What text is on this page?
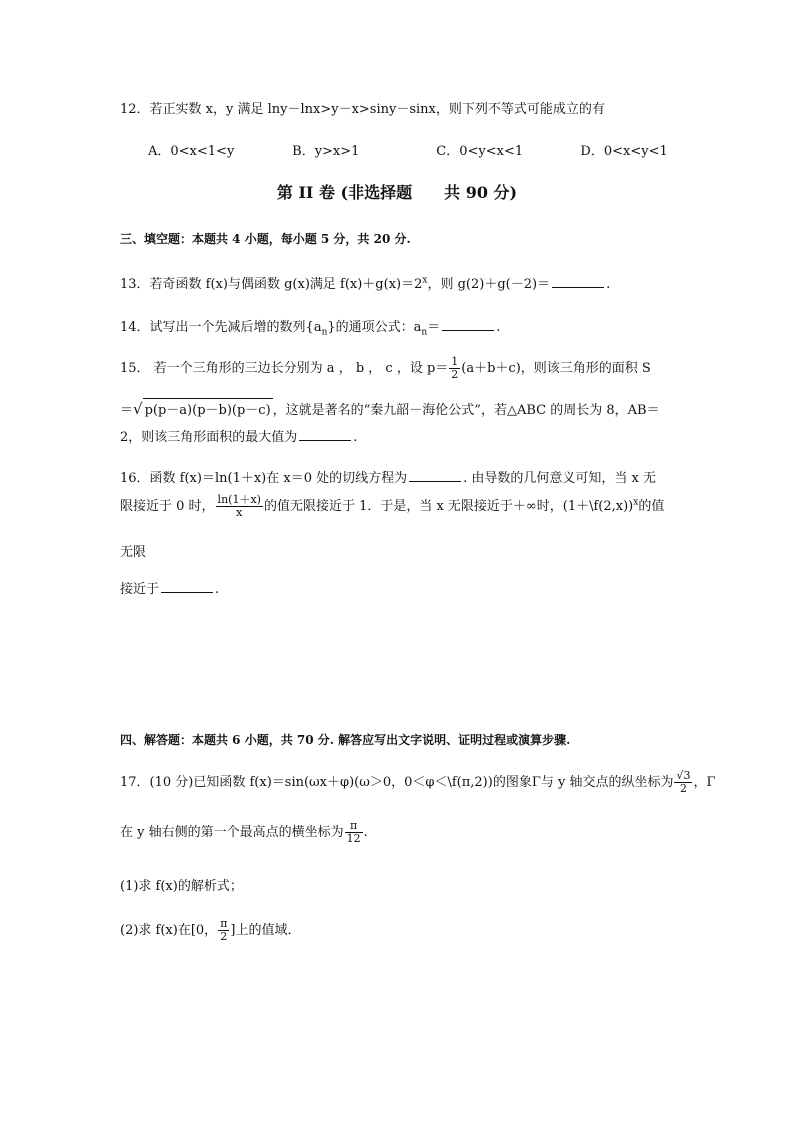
12．若正实数 x，y 满足 lny－lnx>y－x>siny－sinx，则下列不等式可能成立的有
A．0<x<1<y	B．y>x>1	C．0<y<x<1	D．0<x<y<1
第 II 卷 (非选择题　　共 90 分)
三、填空题：本题共 4 小题，每小题 5 分，共 20 分.
13．若奇函数 f(x)与偶函数 g(x)满足 $f(x)+g(x)=2^x$，则 g(2)＋g(－2)＝	.
14．试写出一个先减后增的数列$\{a_n\}$的通项公式：$a_n=$	.
15． 若一个三角形的三边长分别为 a ， b ， c ，设 $p= \frac{1}{2} (a+b+c)$，则该三角形的面积 S
＝√ p(p－a)(p－b)(p－c) ，这就是著名的“秦九韶－海伦公式”，若△ABC 的周长为 8，AB＝
2，则该三角形面积的最大值为	.
16．函数 f(x)＝ln(1＋x)在 x＝0 处的切线方程为	. 由导数的几何意义可知，当 x 无
限接近于 0 时， $\frac{\ln(1+x)}{x}$ 的值无限接近于 1．于是，当 x 无限接近于＋∞时，(1＋\f(2,x))$^x$的值
无限
接近于	.
四、解答题：本题共 6 小题，共 70 分. 解答应写出文字说明、证明过程或演算步骤.
17．(10 分)已知函数 f(x)＝sin(ωx＋φ)(ω＞0，0＜φ＜\f(π,2))的图象Γ与 y 轴交点的纵坐标为 $\frac{√3}{2}$ ，Γ
在 y 轴右侧的第一个最高点的横坐标为 $\frac{\pi}{12}$ .
(1)求 f(x)的解析式；
(2)求 f(x)在[0， $\frac{\pi}{2}$ ]上的值域．
